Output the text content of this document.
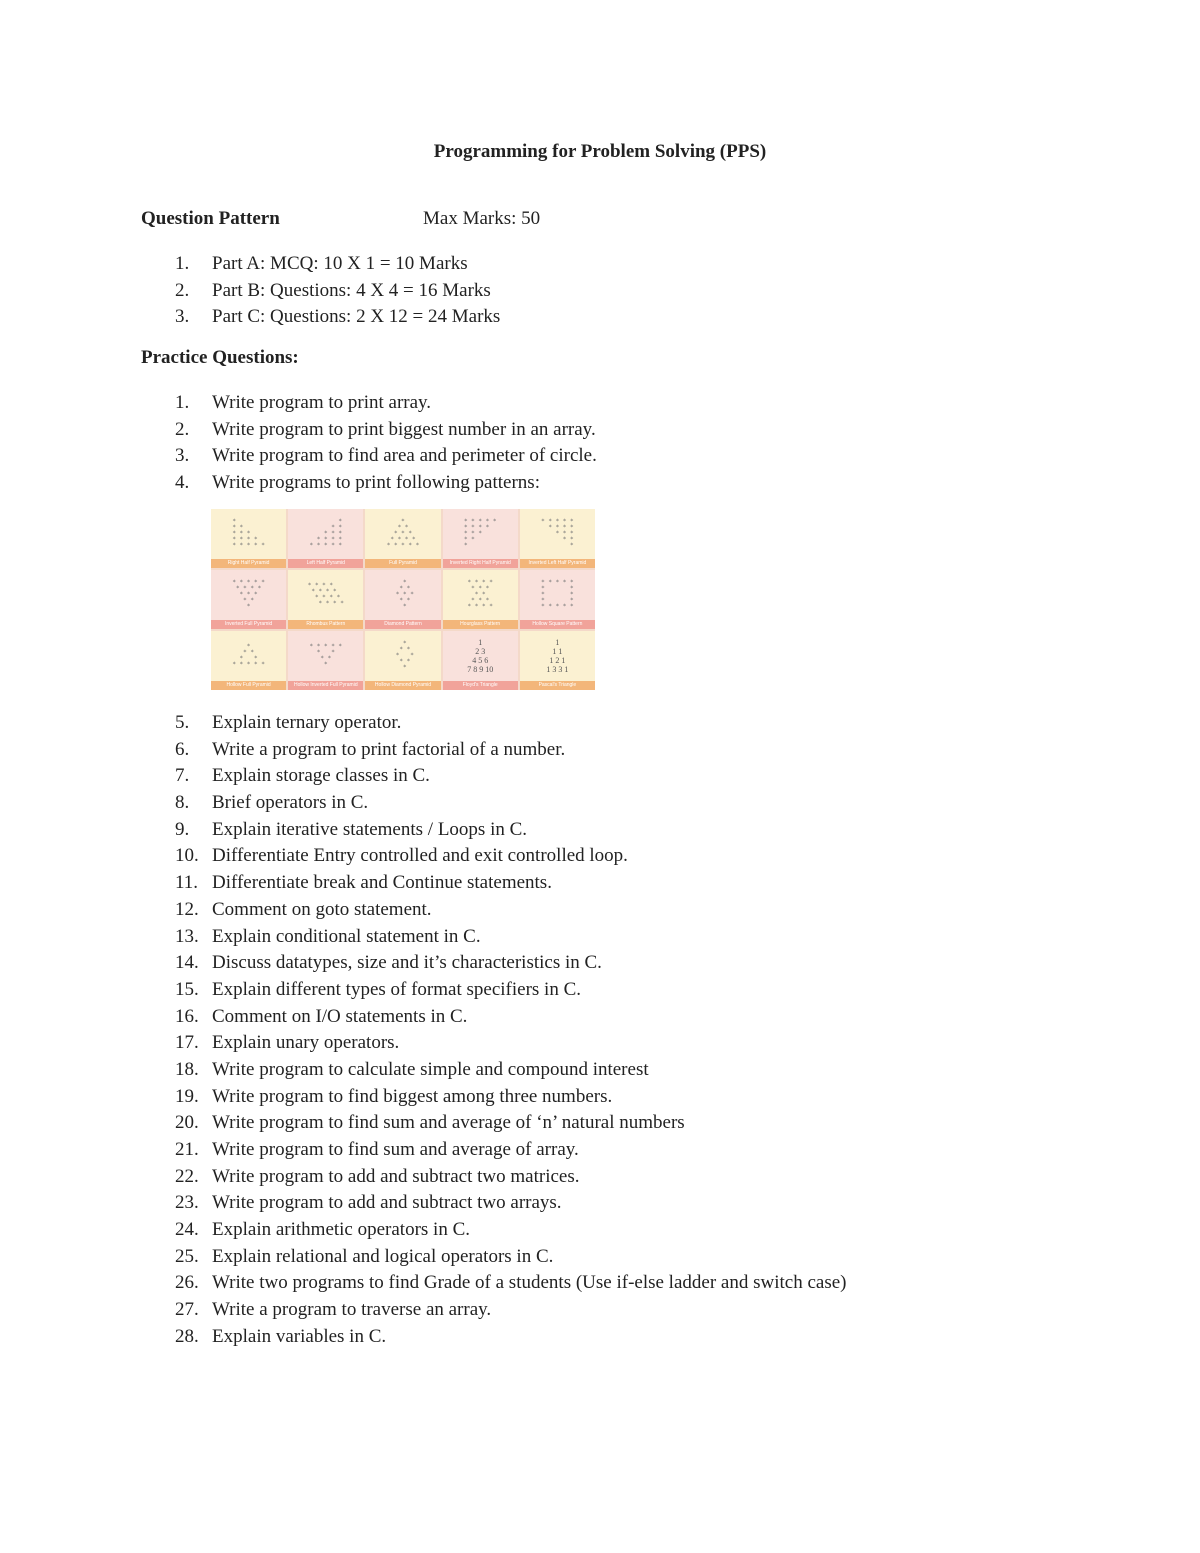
Programming for Problem Solving (PPS)
Question Pattern	Max Marks: 50
1. Part A: MCQ: 10 X 1 = 10 Marks
2. Part B: Questions: 4 X 4 = 16 Marks
3. Part C: Questions: 2 X 12 = 24 Marks
Practice Questions:
1. Write program to print array.
2. Write program to print biggest number in an array.
3. Write program to find area and perimeter of circle.
4. Write programs to print following patterns:
*
* *
* * *
* * * *
* * * * *
Right Half Pyramid
*
* *
* * *
* * * *
* * * * *
Left Half Pyramid
*
* *
* * *
* * * *
* * * * *
Full Pyramid
* * * * *
* * * *
* * *
* *
*
Inverted Right Half Pyramid
* * * * *
* * * *
* * *
* *
*
Inverted Left Half Pyramid
* * * * *
* * * *
* * *
* *
*
Inverted Full Pyramid
* * * *
* * * *
* * * *
* * * *
Rhombus Pattern
*
* *
* * *
* *
*
Diamond Pattern
* * * *
* * *
* *
* * *
* * * *
Hourglass Pattern
* * * * *
*       *
*       *
*       *
* * * * *
Hollow Square Pattern
*
* *
*   *
* * * * *
Hollow Full Pyramid
* * * * *
*   *
* *
*
Hollow Inverted Full Pyramid
*
* *
*   *
* *
*
Hollow Diamond Pyramid
1
2 3
4 5 6
7 8 9 10
Floyd's Triangle
1
1 1
1 2 1
1 3 3 1
Pascal's Triangle
5. Explain ternary operator.
6. Write a program to print factorial of a number.
7. Explain storage classes in C.
8. Brief operators in C.
9. Explain iterative statements / Loops in C.
10. Differentiate Entry controlled and exit controlled loop.
11. Differentiate break and Continue statements.
12. Comment on goto statement.
13. Explain conditional statement in C.
14. Discuss datatypes, size and it’s characteristics in C.
15. Explain different types of format specifiers in C.
16. Comment on I/O statements in C.
17. Explain unary operators.
18. Write program to calculate simple and compound interest
19. Write program to find biggest among three numbers.
20. Write program to find sum and average of ‘n’ natural numbers
21. Write program to find sum and average of array.
22. Write program to add and subtract two matrices.
23. Write program to add and subtract two arrays.
24. Explain arithmetic operators in C.
25. Explain relational and logical operators in C.
26. Write two programs to find Grade of a students (Use if-else ladder and switch case)
27. Write a program to traverse an array.
28. Explain variables in C.
